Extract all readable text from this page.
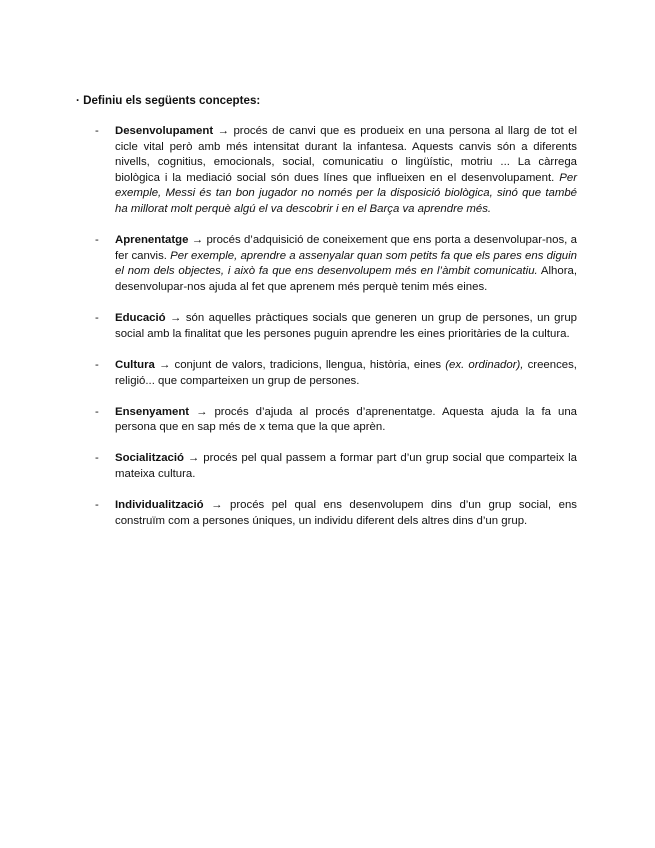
· Definiu els següents conceptes:
- Desenvolupament → procés de canvi que es produeix en una persona al llarg de tot el cicle vital però amb més intensitat durant la infantesa. Aquests canvis són a diferents nivells, cognitius, emocionals, social, comunicatiu o lingüístic, motriu ... La càrrega biològica i la mediació social són dues línes que influeixen en el desenvolupament. Per exemple, Messi és tan bon jugador no només per la disposició biològica, sinó que també ha millorat molt perquè algú el va descobrir i en el Barça va aprendre més.
- Aprenentatge → procés d’adquisició de coneixement que ens porta a desenvolupar-nos, a fer canvis. Per exemple, aprendre a assenyalar quan som petits fa que els pares ens diguin el nom dels objectes, i això fa que ens desenvolupem més en l’àmbit comunicatiu. Alhora, desenvolupar-nos ajuda al fet que aprenem més perquè tenim més eines.
- Educació → són aquelles pràctiques socials que generen un grup de persones, un grup social amb la finalitat que les persones puguin aprendre les eines prioritàries de la cultura.
- Cultura → conjunt de valors, tradicions, llengua, història, eines (ex. ordinador), creences, religió... que comparteixen un grup de persones.
- Ensenyament → procés d’ajuda al procés d’aprenentatge. Aquesta ajuda la fa una persona que en sap més de x tema que la que aprèn.
- Socialització → procés pel qual passem a formar part d’un grup social que comparteix la mateixa cultura.
- Individualització → procés pel qual ens desenvolupem dins d’un grup social, ens construïm com a persones úniques, un individu diferent dels altres dins d’un grup.
